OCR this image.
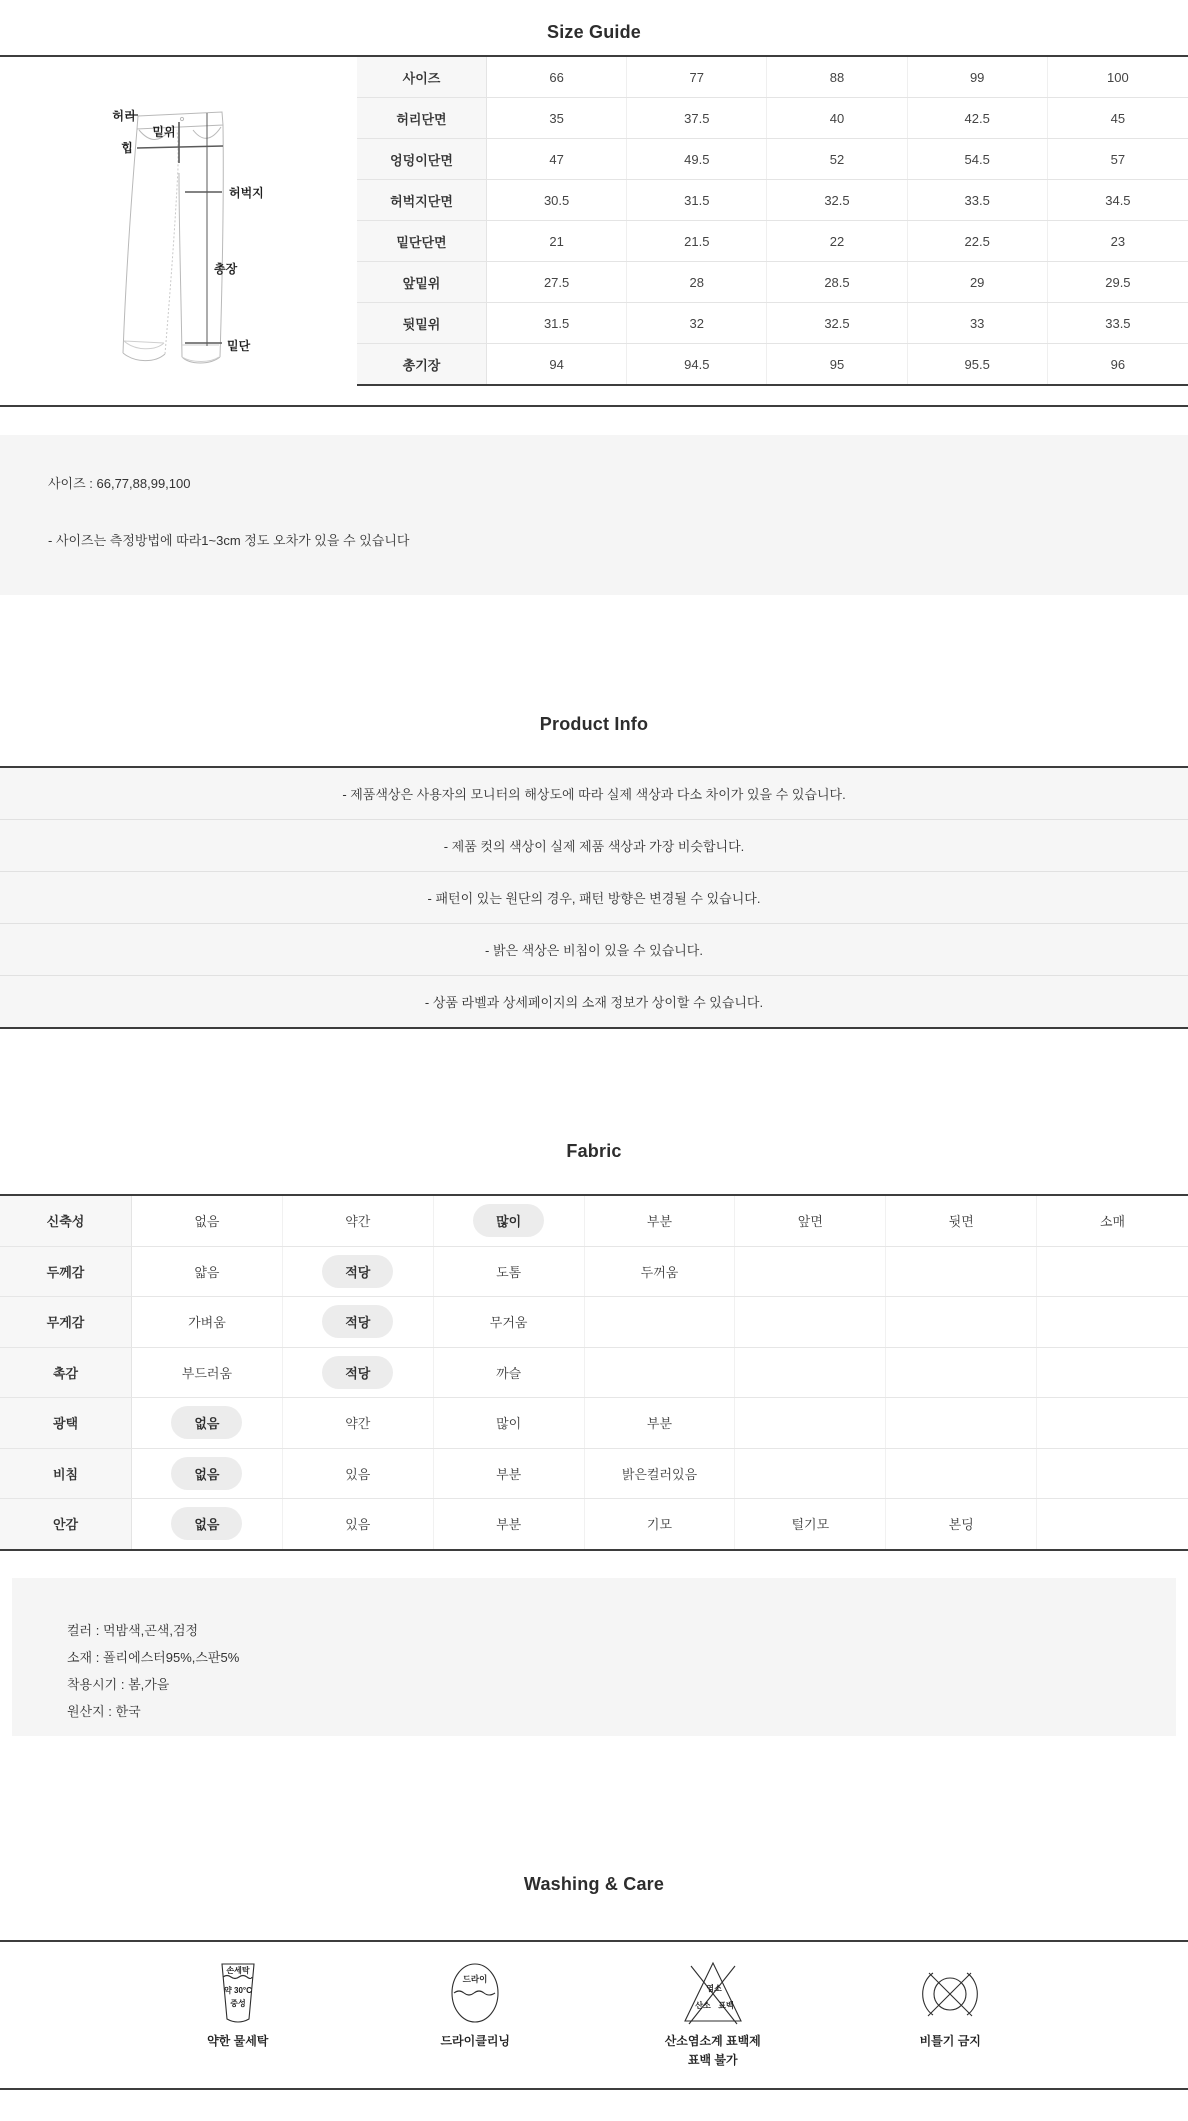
Size Guide
허리
밑위
힙
허벅지
총장
밑단
사이즈	66	77	88	99	100
허리단면	35	37.5	40	42.5	45
엉덩이단면	47	49.5	52	54.5	57
허벅지단면	30.5	31.5	32.5	33.5	34.5
밑단단면	21	21.5	22	22.5	23
앞밑위	27.5	28	28.5	29	29.5
뒷밑위	31.5	32	32.5	33	33.5
총기장	94	94.5	95	95.5	96
사이즈 : 66,77,88,99,100
- 사이즈는 측정방법에 따라1~3cm 정도 오차가 있을 수 있습니다
Product Info
- 제품색상은 사용자의 모니터의 해상도에 따라 실제 색상과 다소 차이가 있을 수 있습니다.
- 제품 컷의 색상이 실제 제품 색상과 가장 비슷합니다.
- 패턴이 있는 원단의 경우, 패턴 방향은 변경될 수 있습니다.
- 밝은 색상은 비침이 있을 수 있습니다.
- 상품 라벨과 상세페이지의 소재 정보가 상이할 수 있습니다.
Fabric
신축성	없음	약간	많이	부분	앞면	뒷면	소매
두께감	얇음	적당	도톰	두꺼움
무게감	가벼움	적당	무거움
촉감	부드러움	적당	까슬
광택	없음	약간	많이	부분
비침	없음	있음	부분	밝은컬러있음
안감	없음	있음	부분	기모	털기모	본딩
컬러 : 먹밤색,곤색,검정
소재 : 폴리에스터95%,스판5%
착용시기 : 봄,가을
원산지 : 한국
Washing & Care
손세탁
약 30°C
중성
약한 물세탁
드라이
드라이클리닝
염소
산소 표백
산소염소계 표백제
표백 불가
비틀기 금지
